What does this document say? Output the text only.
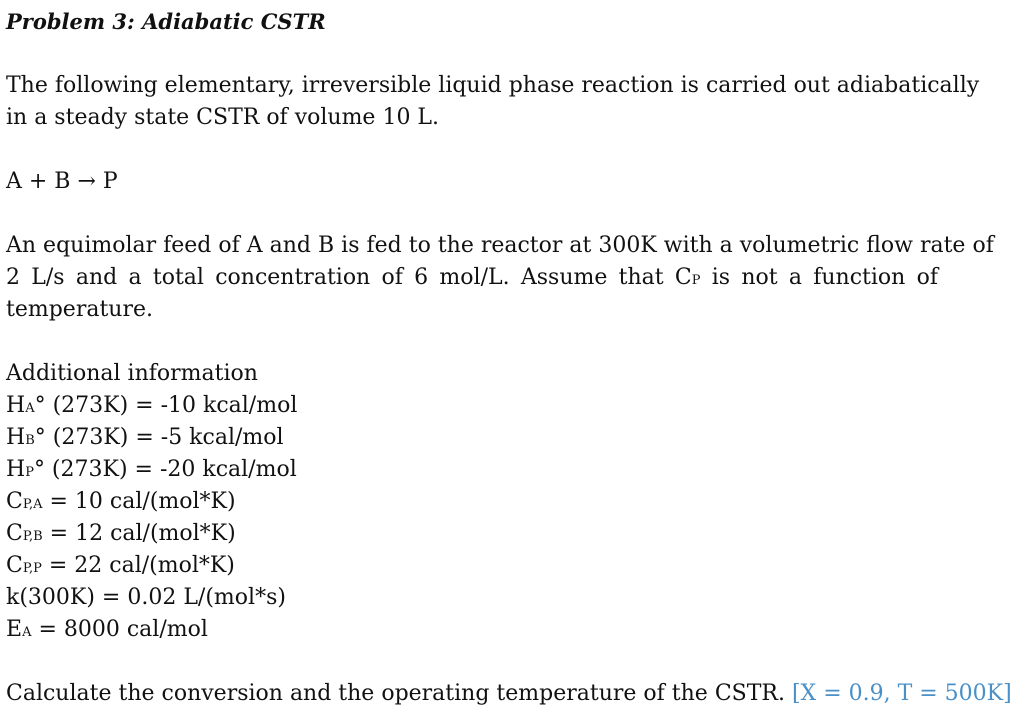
Problem 3: Adiabatic CSTR
The following elementary, irreversible liquid phase reaction is carried out adiabatically
in a steady state CSTR of volume 10 L.
A + B → P
An equimolar feed of A and B is fed to the reactor at 300K with a volumetric flow rate of
2 L/s and a total concentration of 6 mol/L. Assume that CP is not a function of
temperature.
Additional information
HA° (273K) = -10 kcal/mol
HB° (273K) = -5 kcal/mol
HP° (273K) = -20 kcal/mol
CP,A = 10 cal/(mol*K)
CP,B = 12 cal/(mol*K)
CP,P = 22 cal/(mol*K)
k(300K) = 0.02 L/(mol*s)
EA = 8000 cal/mol
Calculate the conversion and the operating temperature of the CSTR. [X = 0.9, T = 500K]
